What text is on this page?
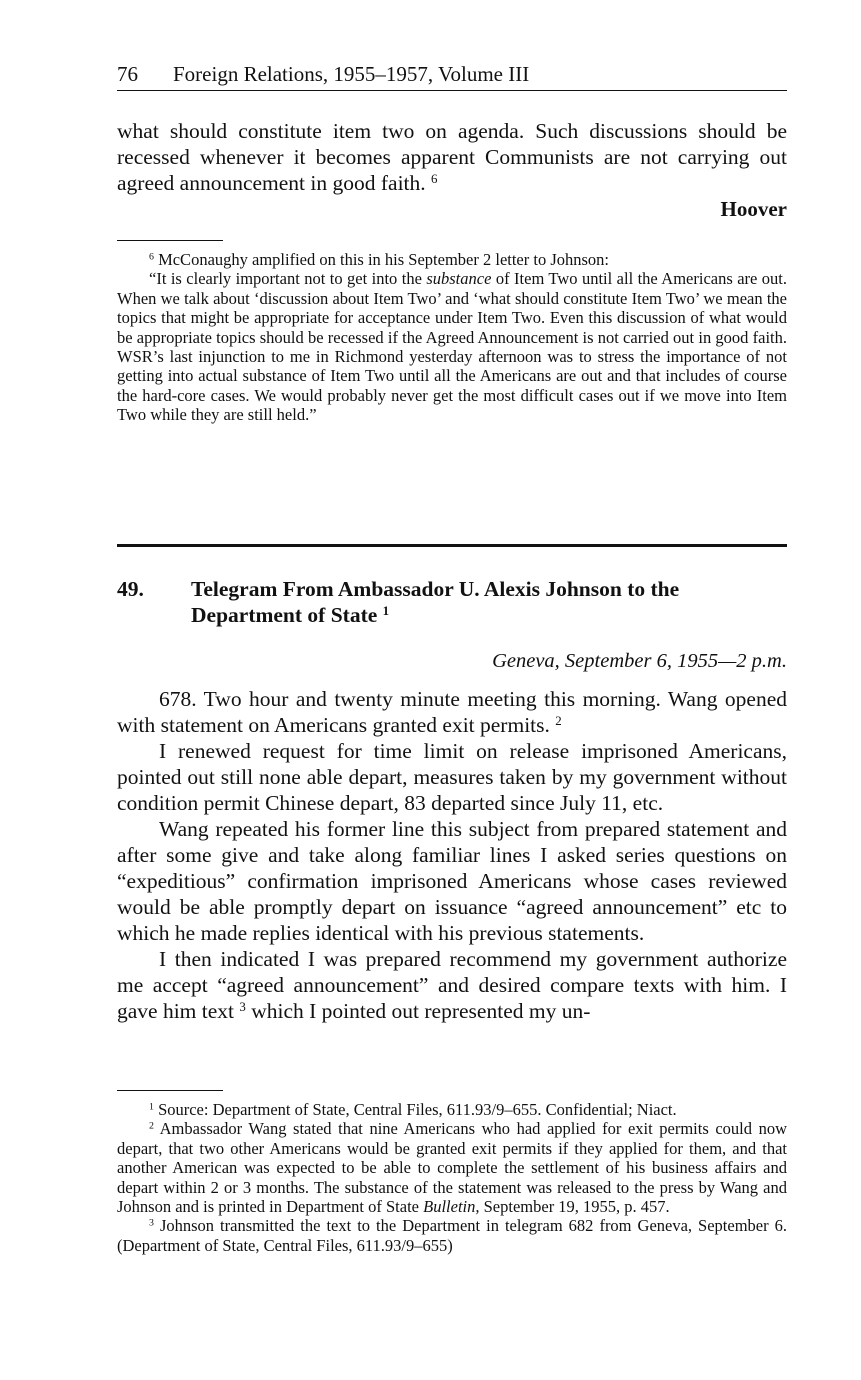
76 Foreign Relations, 1955–1957, Volume III

what should constitute item two on agenda. Such discussions should be recessed whenever it becomes apparent Communists are not carrying out agreed announcement in good faith. $^6$

Hoover

$^6$ McConaughy amplified on this in his September 2 letter to Johnson:

“It is clearly important not to get into the substance of Item Two until all the Americans are out. When we talk about ‘discussion about Item Two’ and ‘what should constitute Item Two’ we mean the topics that might be appropriate for acceptance under Item Two. Even this discussion of what would be appropriate topics should be recessed if the Agreed Announcement is not carried out in good faith. WSR’s last injunction to me in Richmond yesterday afternoon was to stress the importance of not getting into actual substance of Item Two until all the Americans are out and that includes of course the hard-core cases. We would probably never get the most difficult cases out if we move into Item Two while they are still held.”

49. Telegram From Ambassador U. Alexis Johnson to the Department of State $^1$
Geneva, September 6, 1955—2 p.m.

678. Two hour and twenty minute meeting this morning. Wang opened with statement on Americans granted exit permits. $^2$

I renewed request for time limit on release imprisoned Americans, pointed out still none able depart, measures taken by my government without condition permit Chinese depart, 83 departed since July 11, etc.

Wang repeated his former line this subject from prepared statement and after some give and take along familiar lines I asked series questions on “expeditious” confirmation imprisoned Americans whose cases reviewed would be able promptly depart on issuance “agreed announcement” etc to which he made replies identical with his previous statements.

I then indicated I was prepared recommend my government authorize me accept “agreed announcement” and desired compare texts with him. I gave him text $^3$ which I pointed out represented my un-

$^1$ Source: Department of State, Central Files, 611.93/9–655. Confidential; Niact.

$^2$ Ambassador Wang stated that nine Americans who had applied for exit permits could now depart, that two other Americans would be granted exit permits if they applied for them, and that another American was expected to be able to complete the settlement of his business affairs and depart within 2 or 3 months. The substance of the statement was released to the press by Wang and Johnson and is printed in Department of State Bulletin, September 19, 1955, p. 457.

$^3$ Johnson transmitted the text to the Department in telegram 682 from Geneva, September 6. (Department of State, Central Files, 611.93/9–655)
